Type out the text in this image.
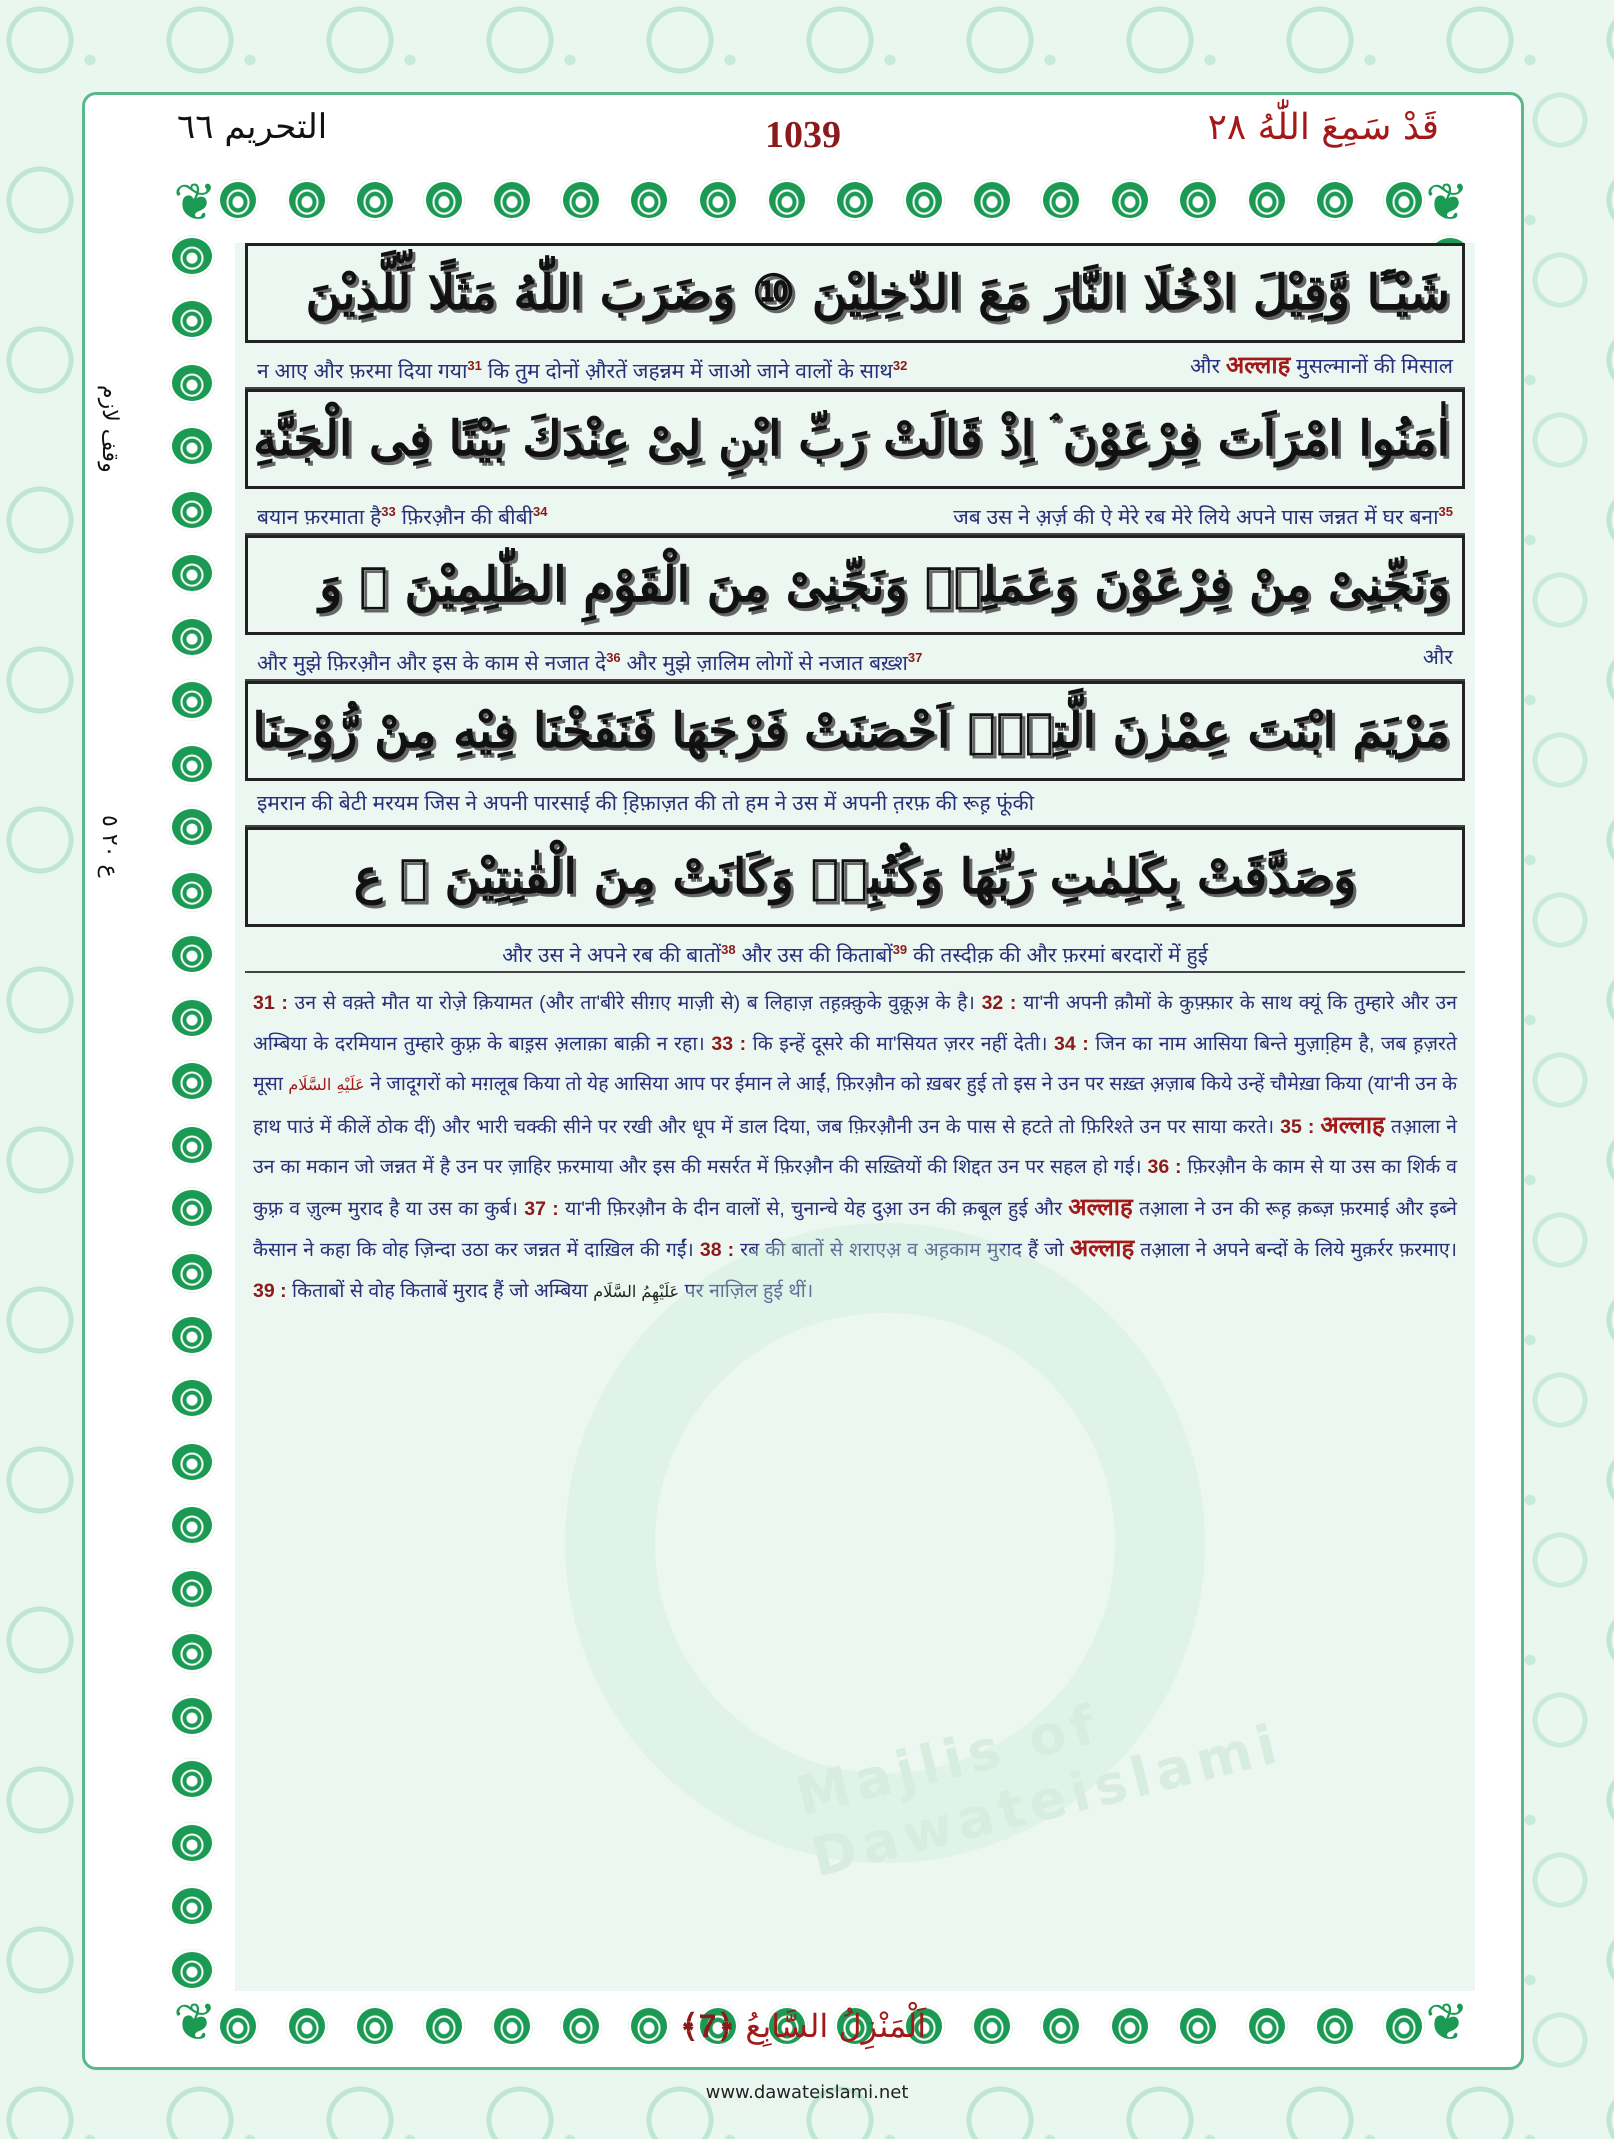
التحریم ٦٦	1039	قَدْ سَمِعَ اللّٰهُ ٢٨
❦	❦
❦	❦
وقف لازم
ع ٢٠ ٥
Majlis of Dawateislami
شَيْـًٔا وَّقِيْلَ ادْخُلَا النَّارَ مَعَ الدّٰخِلِيْنَ ⑩ وَضَرَبَ اللّٰهُ مَثَلًا لِّلَّذِيْنَ
न आए और फ़रमा दिया गया$^{31}$ कि तुम दोनों औ़रतें जहन्नम में जाओ जाने वालों के साथ$^{32}$	और अल्लाह मुसल्मानों की मिसाल
اٰمَنُوا امْرَاَتَ فِرْعَوْنَ ۘ اِذْ قَالَتْ رَبِّ ابْنِ لِیْ عِنْدَكَ بَیْتًا فِی الْجَنَّةِ
बयान फ़रमाता है$^{33}$ फ़िरऔ़न की बीबी$^{34}$	जब उस ने अ़र्ज़ की ऐ मेरे रब मेरे लिये अपने पास जन्नत में घर बना$^{35}$
وَنَجِّنِیْ مِنْ فِرْعَوْنَ وَعَمَلِهٖ وَنَجِّنِیْ مِنَ الْقَوْمِ الظّٰلِمِیْنَ ⑪ وَ
और मुझे फ़िरऔ़न और इस के काम से नजात दे$^{36}$ और मुझे ज़ालिम लोगों से नजात बख़्श$^{37}$	और
مَرْیَمَ ابْنَتَ عِمْرٰنَ الَّتِیْۤ اَحْصَنَتْ فَرْجَهَا فَنَفَخْنَا فِیْهِ مِنْ رُّوْحِنَا
इमरान की बेटी मरयम जिस ने अपनी पारसाई की हि़फ़ाज़त की तो हम ने उस में अपनी त़रफ़ की रूह़ फूंकी
وَصَدَّقَتْ بِكَلِمٰتِ رَبِّهَا وَكُتُبِهٖ وَكَانَتْ مِنَ الْقٰنِتِیْنَ ⑫ ع
और उस ने अपने रब की बातों$^{38}$ और उस की किताबों$^{39}$ की तस्दीक़ की और फ़रमां बरदारों में हुई
31 : उन से वक़्ते मौत या रोज़े क़ियामत (और ता'बीरे सीग़ए माज़ी से) ब लिहाज़ तह़क़्क़ुके वुक़ूअ़ के है। 32 : या'नी अपनी क़ौमों के कुफ़्फ़ार के साथ क्यूं कि तुम्हारे और उन अम्बिया के दरमियान तुम्हारे कुफ़्र के बाइ़स अ़लाक़ा बाक़ी न रहा। 33 : कि इन्हें दूसरे की मा'सियत ज़रर नहीं देती। 34 : जिन का नाम आसिया बिन्ते मुज़ाहि़म है, जब ह़ज़रते मूसा عَلَيْهِ السَّلَام ने जादूगरों को मग़लूब किया तो येह आसिया आप पर ईमान ले आईं, फ़िरऔ़न को ख़बर हुई तो इस ने उन पर सख़्त अ़ज़ाब किये उन्हें चौमेख़ा किया (या'नी उन के हाथ पाउं में कीलें ठोक दीं) और भारी चक्की सीने पर रखी और धूप में डाल दिया, जब फ़िरऔ़नी उन के पास से हटते तो फ़िरिश्ते उन पर साया करते। 35 : अल्लाह तआ़ला ने उन का मकान जो जन्नत में है उन पर ज़ाहिर फ़रमाया और इस की मसर्रत में फ़िरऔ़न की सख़्तियों की शिद्दत उन पर सहल हो गई। 36 : फ़िरऔ़न के काम से या उस का शिर्क व कुफ़्र व ज़ुल्म मुराद है या उस का कुर्ब। 37 : या'नी फ़िरऔ़न के दीन वालों से, चुनान्चे येह दुआ़ उन की क़बूल हुई और अल्लाह तआ़ला ने उन की रूह़ क़ब्ज़ फ़रमाई और इब्ने कैसान ने कहा कि वोह ज़िन्दा उठा कर जन्नत में दाख़िल की गईं। 38 : रब की बातों से शराएअ़ व अह़काम मुराद हैं जो अल्लाह तआ़ला ने अपने बन्दों के लिये मुक़र्रर फ़रमाए। 39 : किताबों से वोह किताबें मुराद हैं जो अम्बिया عَلَيْهِمُ السَّلَام पर नाज़िल हुई थीं।
اَلْمَنْزِلُ السَّابِعُ ﴿7﴾
www.dawateislami.net
